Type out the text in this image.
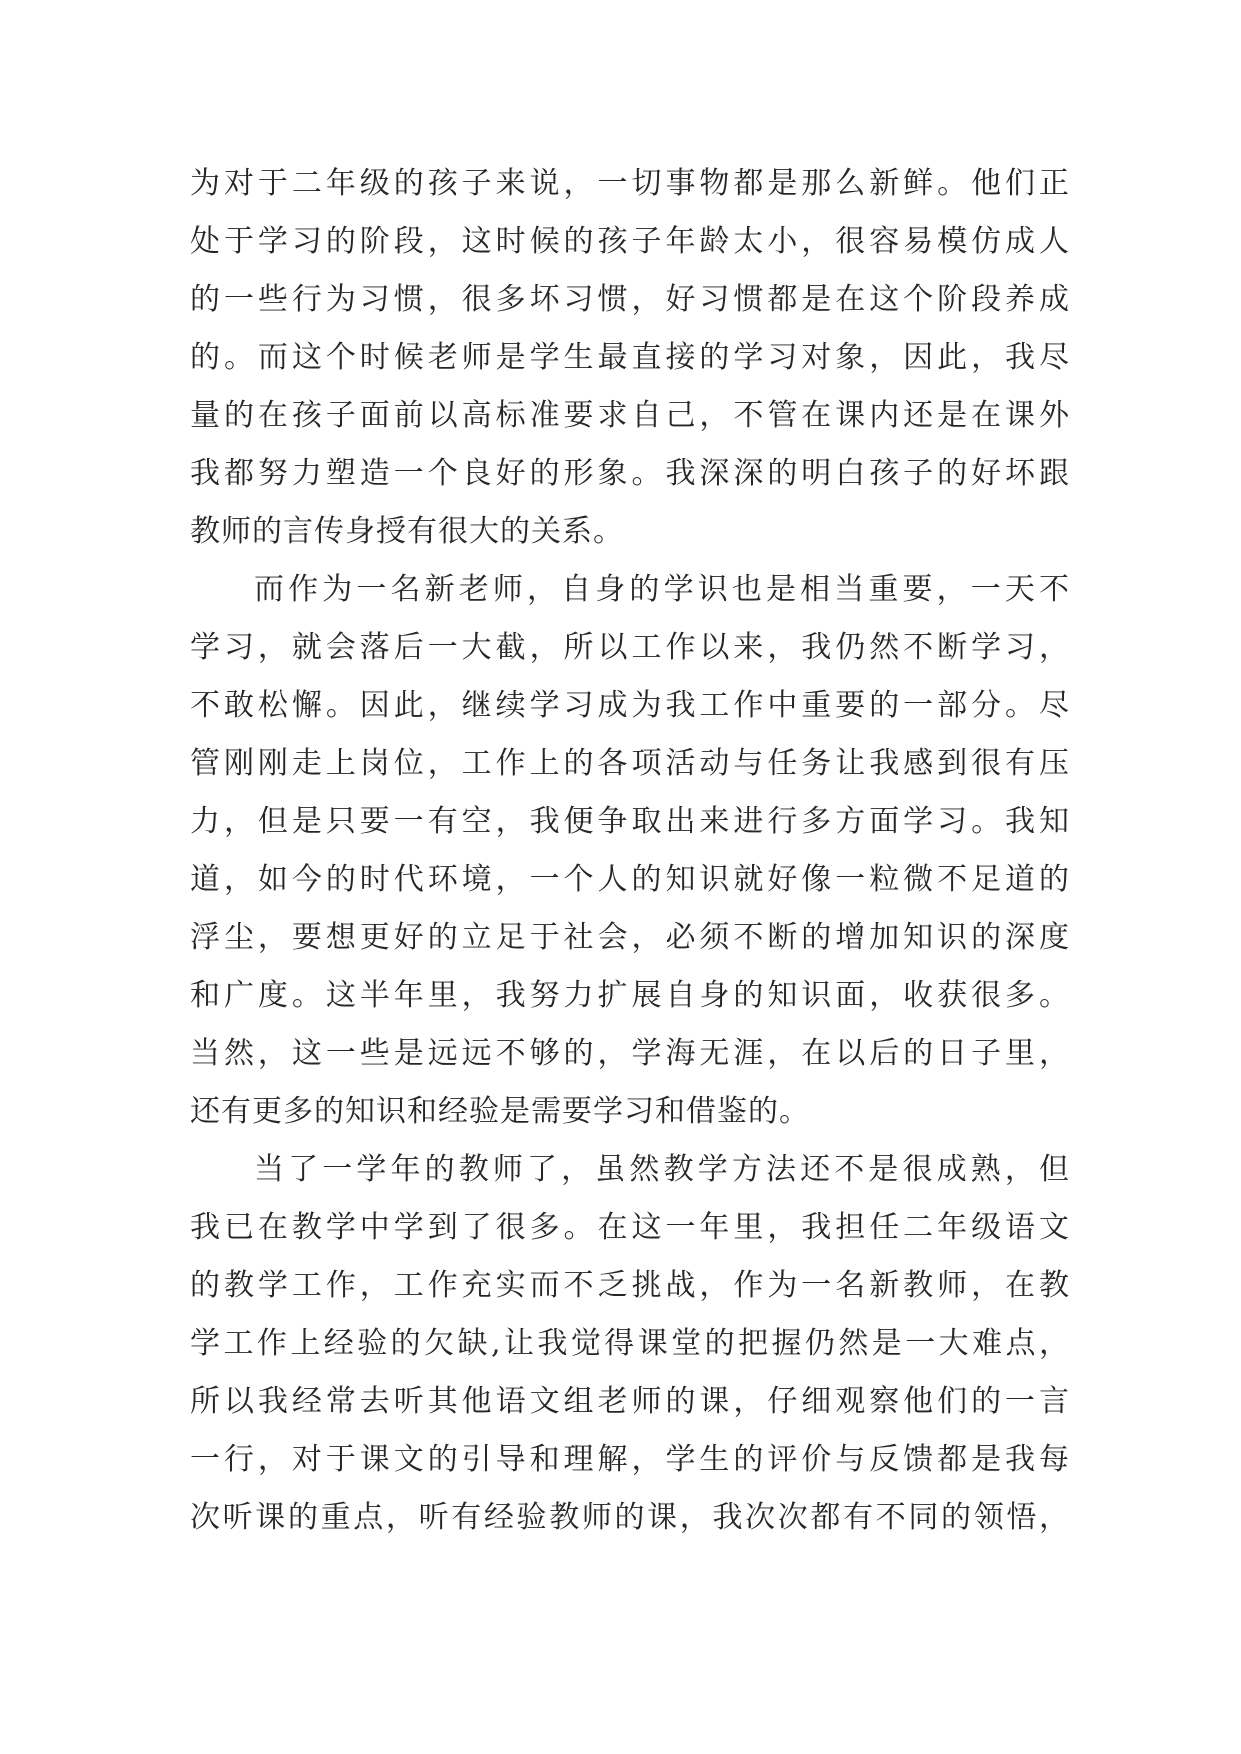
为对于二年级的孩子来说，一切事物都是那么新鲜。他们正
处于学习的阶段，这时候的孩子年龄太小，很容易模仿成人
的一些行为习惯，很多坏习惯，好习惯都是在这个阶段养成
的。而这个时候老师是学生最直接的学习对象，因此，我尽
量的在孩子面前以高标准要求自己，不管在课内还是在课外
我都努力塑造一个良好的形象。我深深的明白孩子的好坏跟
教师的言传身授有很大的关系。
而作为一名新老师，自身的学识也是相当重要，一天不
学习，就会落后一大截，所以工作以来，我仍然不断学习，
不敢松懈。因此，继续学习成为我工作中重要的一部分。尽
管刚刚走上岗位，工作上的各项活动与任务让我感到很有压
力，但是只要一有空，我便争取出来进行多方面学习。我知
道，如今的时代环境，一个人的知识就好像一粒微不足道的
浮尘，要想更好的立足于社会，必须不断的增加知识的深度
和广度。这半年里，我努力扩展自身的知识面，收获很多。
当然，这一些是远远不够的，学海无涯，在以后的日子里，
还有更多的知识和经验是需要学习和借鉴的。
当了一学年的教师了，虽然教学方法还不是很成熟，但
我已在教学中学到了很多。在这一年里，我担任二年级语文
的教学工作，工作充实而不乏挑战，作为一名新教师，在教
学工作上经验的欠缺,让我觉得课堂的把握仍然是一大难点，
所以我经常去听其他语文组老师的课，仔细观察他们的一言
一行，对于课文的引导和理解，学生的评价与反馈都是我每
次听课的重点，听有经验教师的课，我次次都有不同的领悟，
